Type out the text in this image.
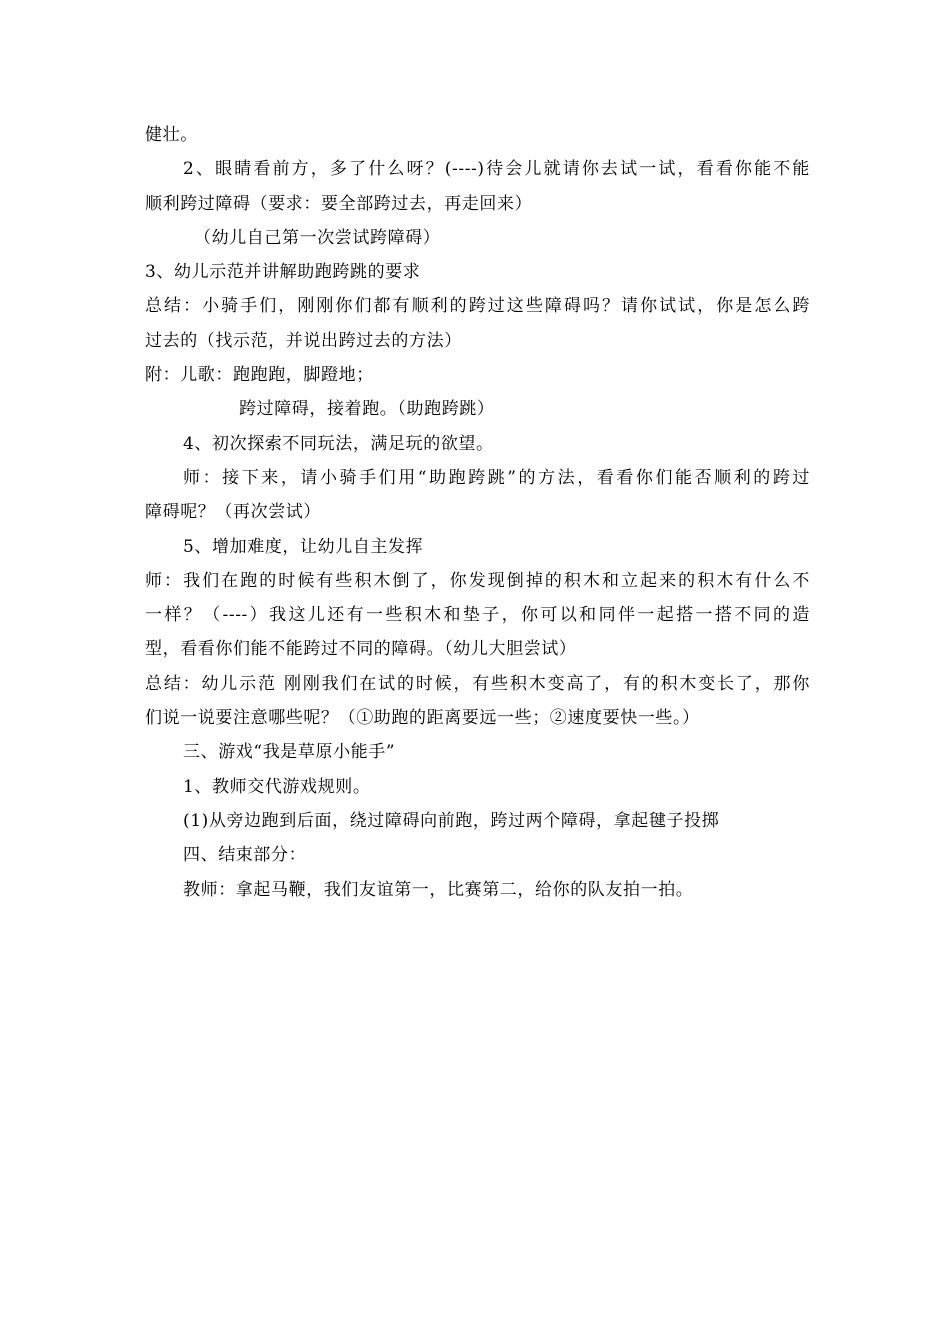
健壮。
2、眼睛看前方，多了什么呀？(----)待会儿就请你去试一试，看看你能不能
顺利跨过障碍（要求：要全部跨过去，再走回来）
（幼儿自己第一次尝试跨障碍）
3、幼儿示范并讲解助跑跨跳的要求
总结：小骑手们，刚刚你们都有顺利的跨过这些障碍吗？请你试试，你是怎么跨
过去的（找示范，并说出跨过去的方法）
附：儿歌：跑跑跑，脚蹬地；
跨过障碍，接着跑。（助跑跨跳）
4、初次探索不同玩法，满足玩的欲望。
师：接下来，请小骑手们用“助跑跨跳”的方法，看看你们能否顺利的跨过
障碍呢？（再次尝试）
5、增加难度，让幼儿自主发挥
师：我们在跑的时候有些积木倒了，你发现倒掉的积木和立起来的积木有什么不
一样？（----）我这儿还有一些积木和垫子，你可以和同伴一起搭一搭不同的造
型，看看你们能不能跨过不同的障碍。（幼儿大胆尝试）
总结：幼儿示范 刚刚我们在试的时候，有些积木变高了，有的积木变长了，那你
们说一说要注意哪些呢？（①助跑的距离要远一些；②速度要快一些。）
三、游戏“我是草原小能手”
1、教师交代游戏规则。
(1)从旁边跑到后面，绕过障碍向前跑，跨过两个障碍，拿起毽子投掷
四、结束部分：
教师：拿起马鞭，我们友谊第一，比赛第二，给你的队友拍一拍。
